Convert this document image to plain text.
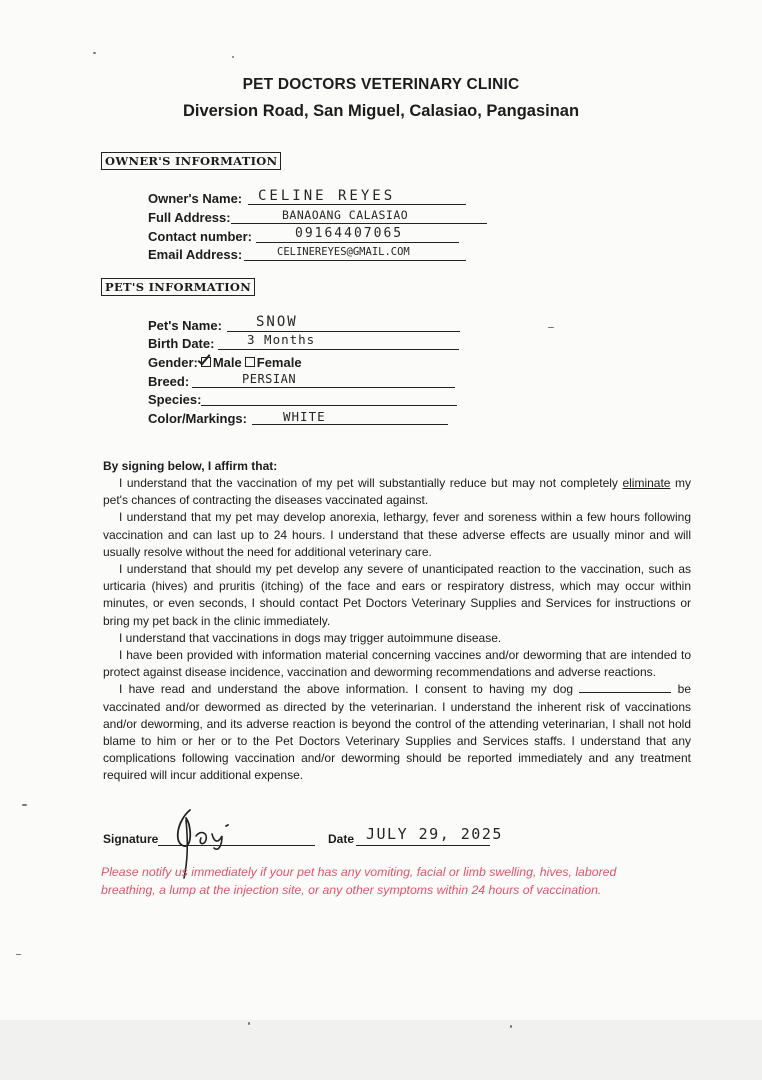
PET DOCTORS VETERINARY CLINIC
Diversion Road, San Miguel, Calasiao, Pangasinan
OWNER'S INFORMATION
Owner's Name: CELINE REYES
Full Address:	BANAOANG CALASIAO
Contact number:	09164407065
Email Address:	CELINEREYES@GMAIL.COM
PET'S INFORMATION
Pet's Name: SNOW
Birth Date:	3 Months
Gender: Male Female
Breed:	PERSIAN
Species:
Color/Markings:	WHITE
By signing below, I affirm that:

I understand that the vaccination of my pet will substantially reduce but may not completely eliminate my pet's chances of contracting the diseases vaccinated against.

I understand that my pet may develop anorexia, lethargy, fever and soreness within a few hours following vaccination and can last up to 24 hours. I understand that these adverse effects are usually minor and will usually resolve without the need for additional veterinary care.

I understand that should my pet develop any severe of unanticipated reaction to the vaccination, such as urticaria (hives) and pruritis (itching) of the face and ears or respiratory distress, which may occur within minutes, or even seconds, I should contact Pet Doctors Veterinary Supplies and Services for instructions or bring my pet back in the clinic immediately.

I understand that vaccinations in dogs may trigger autoimmune disease.

I have been provided with information material concerning vaccines and/or deworming that are intended to protect against disease incidence, vaccination and deworming recommendations and adverse reactions.

I have read and understand the above information. I consent to having my dog	be vaccinated and/or dewormed as directed by the veterinarian. I understand the inherent risk of vaccinations and/or deworming, and its adverse reaction is beyond the control of the attending veterinarian, I shall not hold blame to him or her or to the Pet Doctors Veterinary Supplies and Services staffs. I understand that any complications following vaccination and/or deworming should be reported immediately and any treatment required will incur additional expense.

Signature	Date JULY 29, 2025
Please notify us immediately if your pet has any vomiting, facial or limb swelling, hives, labored breathing, a lump at the injection site, or any other symptoms within 24 hours of vaccination.
